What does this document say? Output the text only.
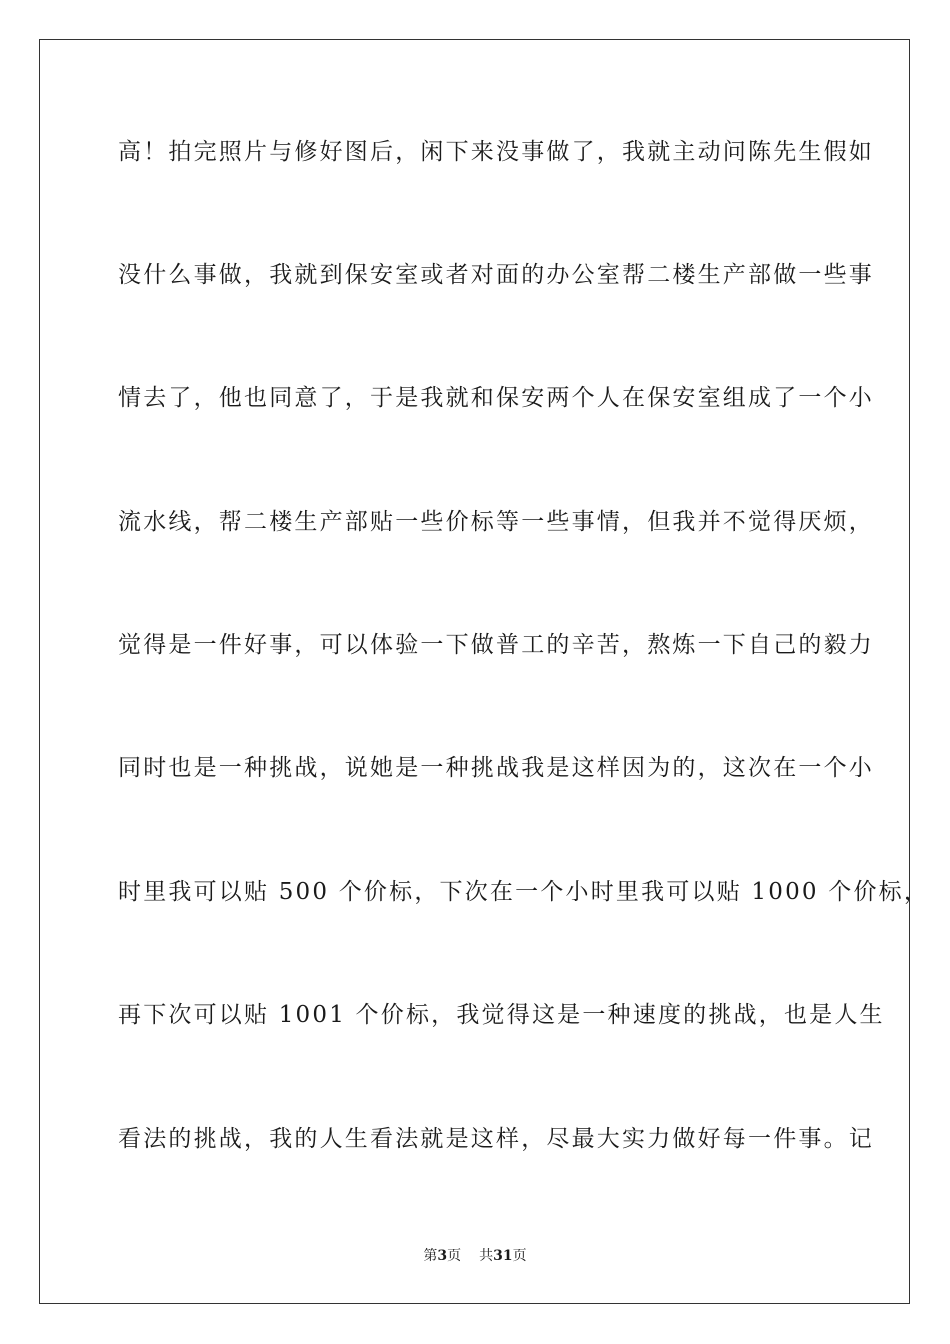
高！拍完照片与修好图后，闲下来没事做了，我就主动问陈先生假如
没什么事做，我就到保安室或者对面的办公室帮二楼生产部做一些事
情去了，他也同意了，于是我就和保安两个人在保安室组成了一个小
流水线，帮二楼生产部贴一些价标等一些事情，但我并不觉得厌烦，
觉得是一件好事，可以体验一下做普工的辛苦，熬炼一下自己的毅力
同时也是一种挑战，说她是一种挑战我是这样因为的，这次在一个小
时里我可以贴 500 个价标，下次在一个小时里我可以贴 1000 个价标，
再下次可以贴 1001 个价标，我觉得这是一种速度的挑战，也是人生
看法的挑战，我的人生看法就是这样，尽最大实力做好每一件事。记
第3页 共31页
